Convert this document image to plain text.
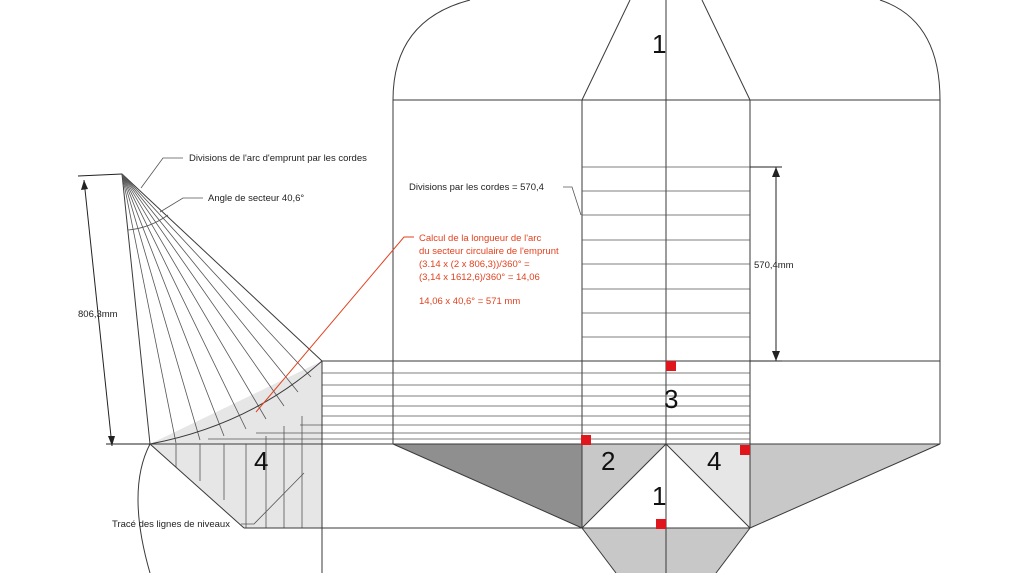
Divisions de l'arc d'emprunt par les cordes
Angle de secteur 40,6°
806,3mm
Divisions par les cordes = 570,4
570,4mm
Tracé des lignes de niveaux
Calcul de la longueur de l'arc
du secteur circulaire de l'emprunt
(3.14 x (2 x 806,3))/360° =
(3,14 x 1612,6)/360° = 14,06
14,06 x 40,6° = 571 mm
1
3
4	2	4
1
